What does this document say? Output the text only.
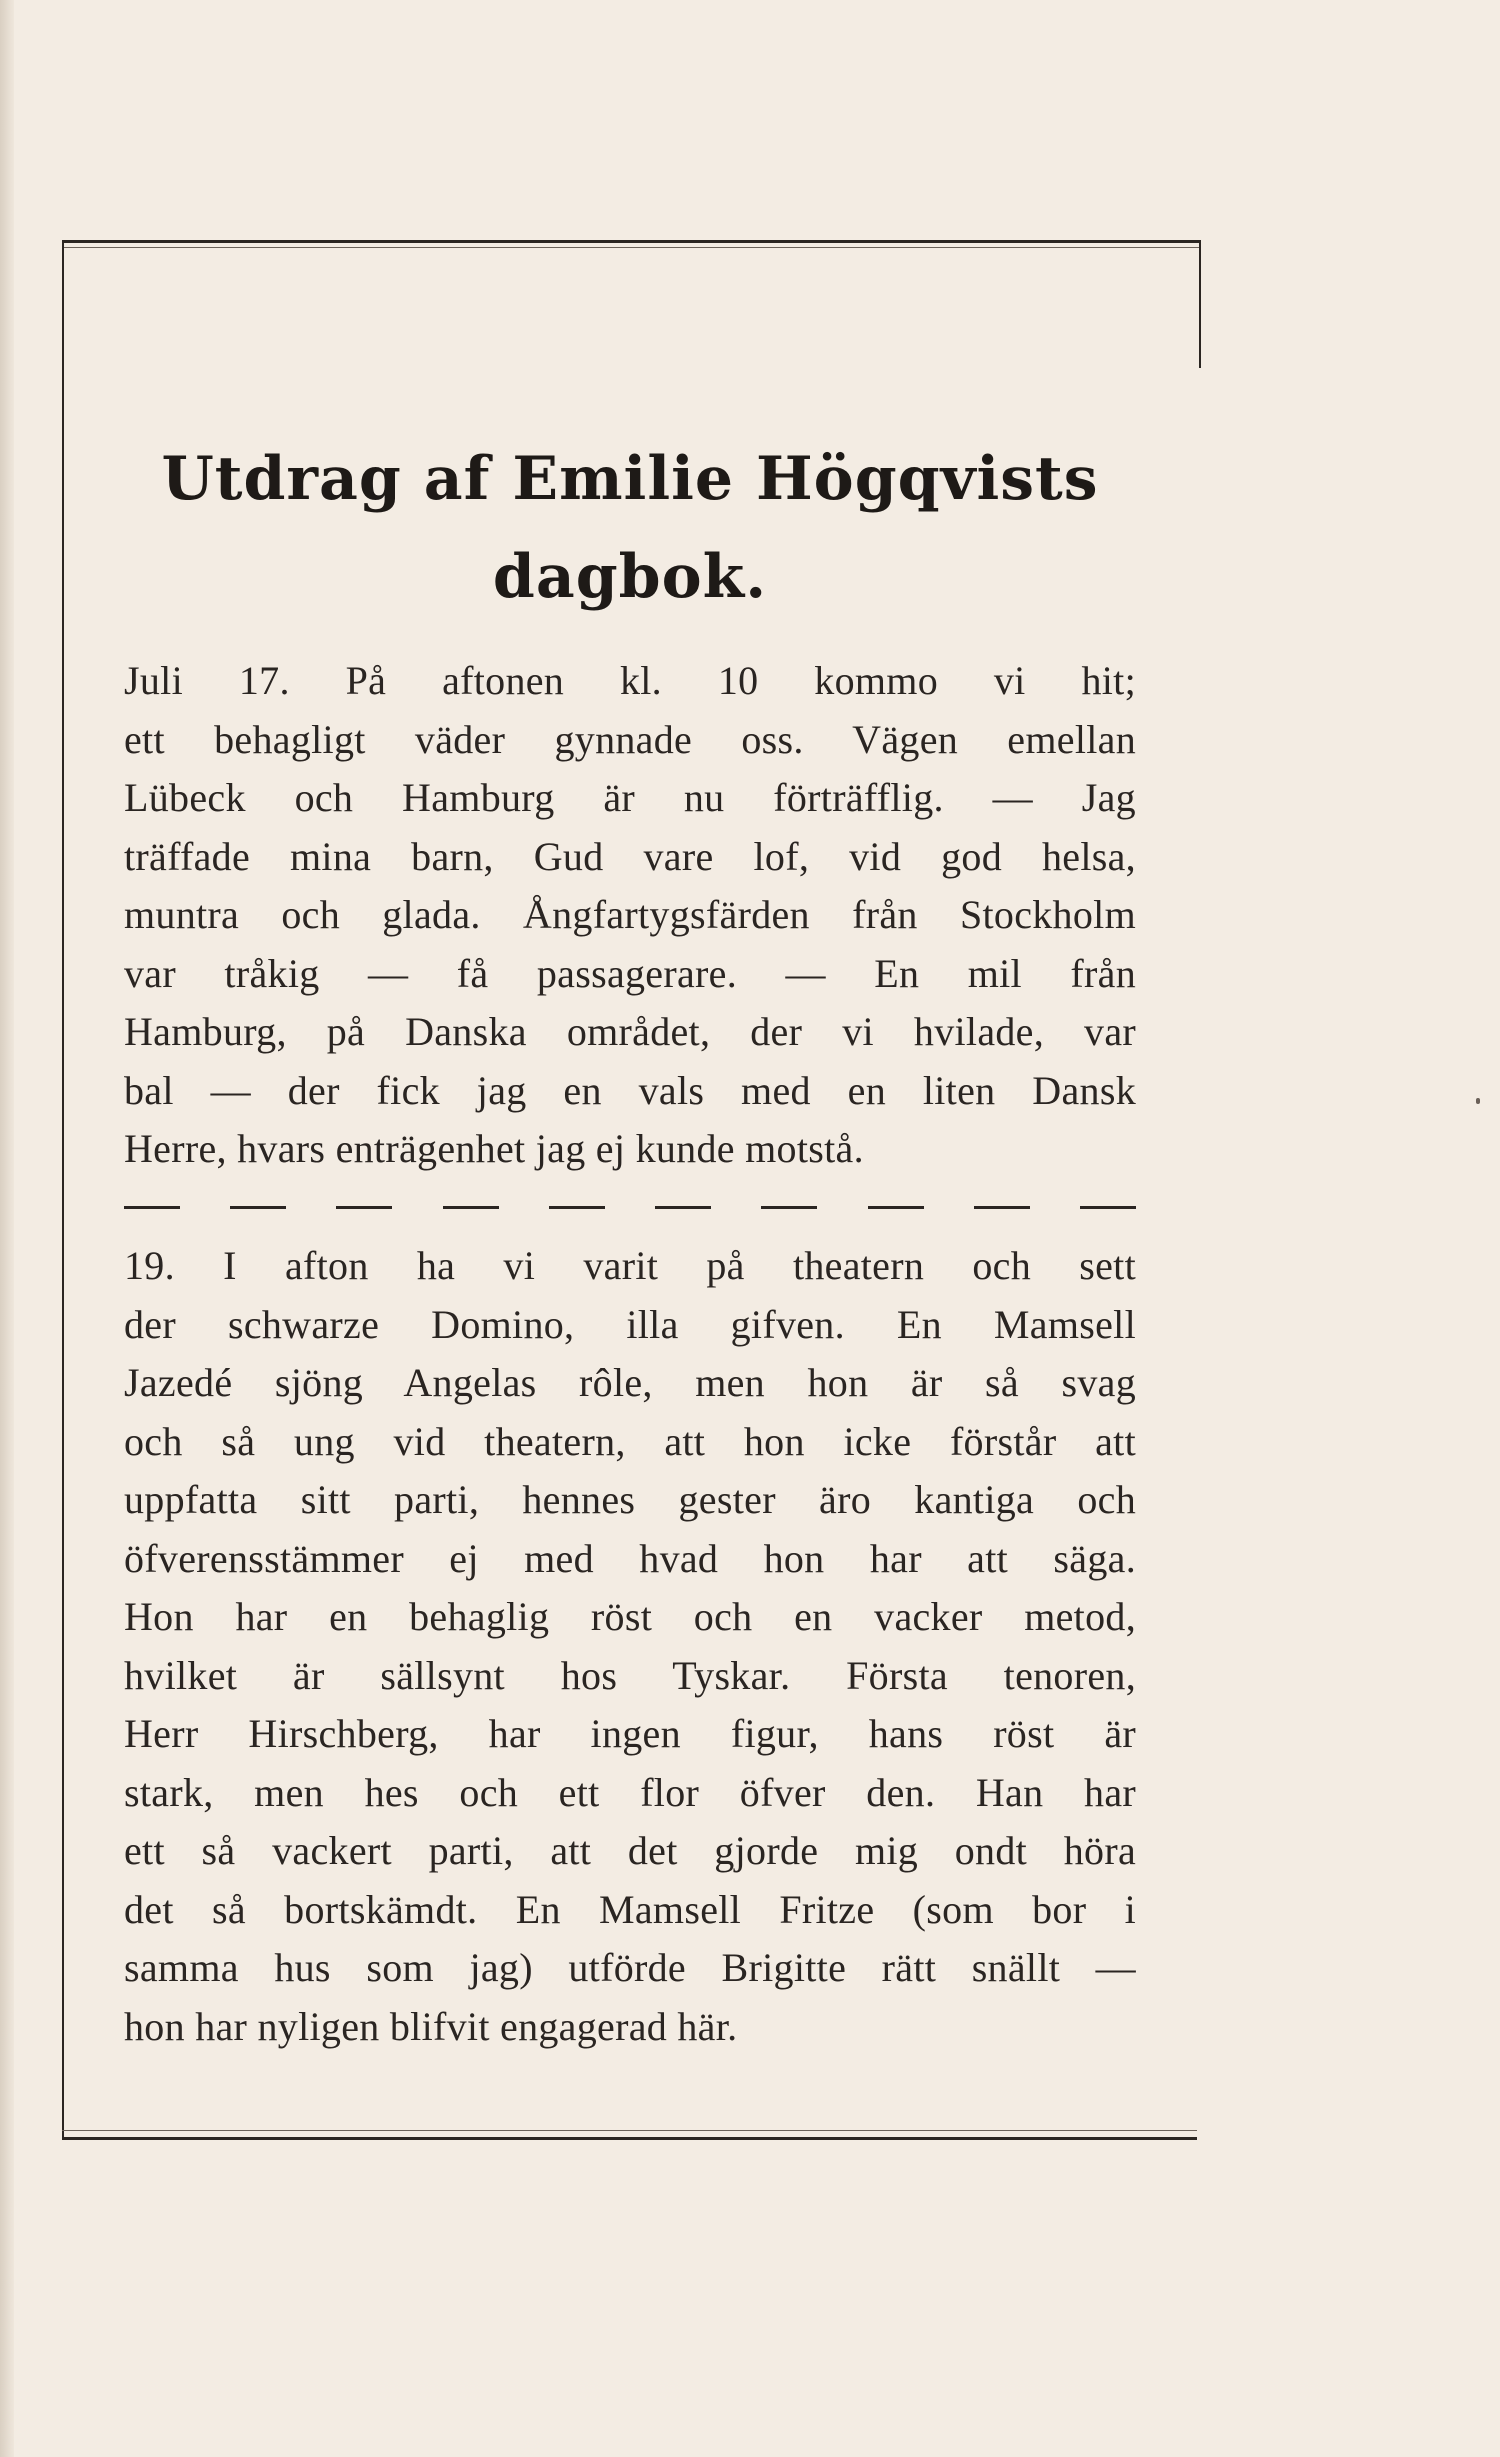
Utdrag af Emilie Högqvists
dagbok.
Juli 17. På aftonen kl. 10 kommo vi hit;
ett behagligt väder gynnade oss. Vägen emellan
Lübeck och Hamburg är nu förträfflig. — Jag
träffade mina barn, Gud vare lof, vid god helsa,
muntra och glada. Ångfartygsfärden från Stockholm
var tråkig — få passagerare. — En mil från
Hamburg, på Danska området, der vi hvilade, var
bal — der fick jag en vals med en liten Dansk
Herre, hvars enträgenhet jag ej kunde motstå.
19. I afton ha vi varit på theatern och sett
der schwarze Domino, illa gifven. En Mamsell
Jazedé sjöng Angelas rôle, men hon är så svag
och så ung vid theatern, att hon icke förstår att
uppfatta sitt parti, hennes gester äro kantiga och
öfverensstämmer ej med hvad hon har att säga.
Hon har en behaglig röst och en vacker metod,
hvilket är sällsynt hos Tyskar. Första tenoren,
Herr Hirschberg, har ingen figur, hans röst är
stark, men hes och ett flor öfver den. Han har
ett så vackert parti, att det gjorde mig ondt höra
det så bortskämdt. En Mamsell Fritze (som bor i
samma hus som jag) utförde Brigitte rätt snällt —
hon har nyligen blifvit engagerad här.
